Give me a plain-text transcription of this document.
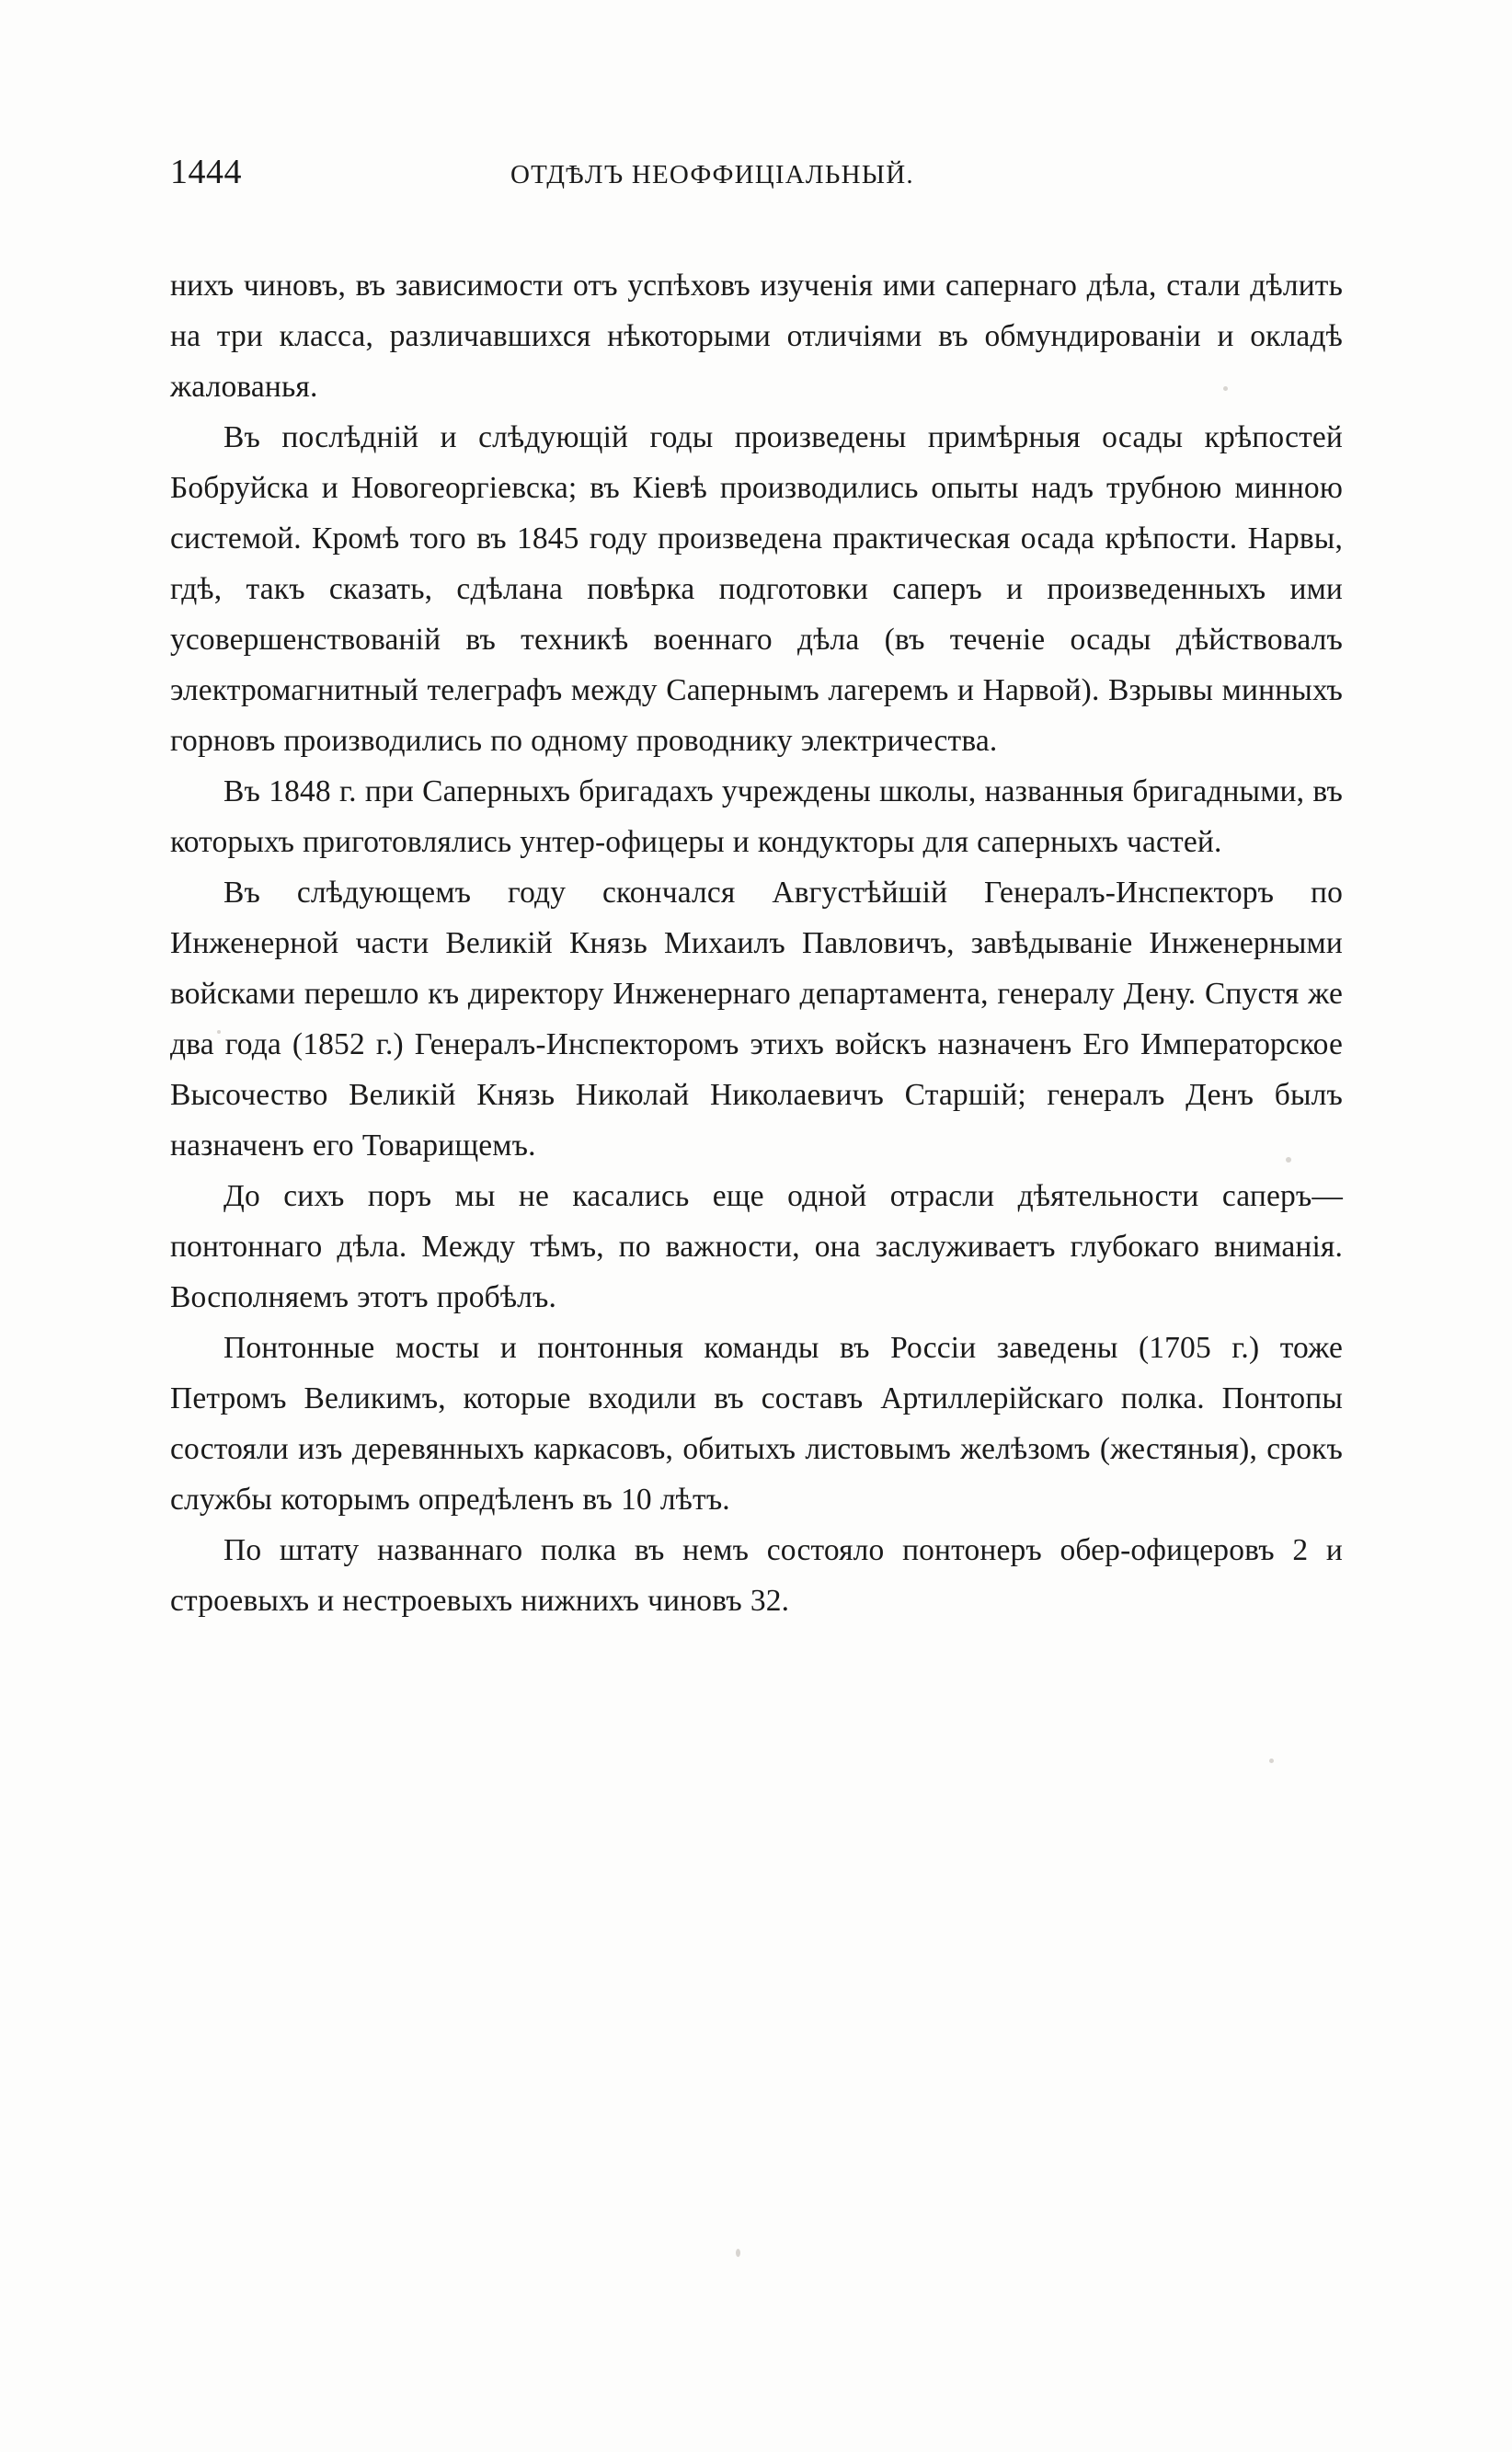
1444	ОТДѢЛЪ НЕОФФИЦІАЛЬНЫЙ.

нихъ чиновъ, въ зависимости отъ успѣховъ изученія ими сапернаго дѣла, стали дѣлить на три класса, различавшихся нѣкоторыми отличіями въ обмундированіи и окладѣ жалованья.

Въ послѣдній и слѣдующій годы произведены примѣрныя осады крѣпостей Бобруйска и Новогеоргіевска; въ Кіевѣ производились опыты надъ трубною минною системой. Кромѣ того въ 1845 году произведена практическая осада крѣпости. Нарвы, гдѣ, такъ сказать, сдѣлана повѣрка подготовки саперъ и произведенныхъ ими усовершенствованій въ техникѣ военнаго дѣла (въ теченіе осады дѣйствовалъ электромагнитный телеграфъ между Сапернымъ лагеремъ и Нарвой). Взрывы минныхъ горновъ производились по одному проводнику электричества.

Въ 1848 г. при Саперныхъ бригадахъ учреждены школы, названныя бригадными, въ которыхъ приготовлялись унтер-офицеры и кондукторы для саперныхъ частей.

Въ слѣдующемъ году скончался Августѣйшій Генералъ-Инспекторъ по Инженерной части Великій Князь Михаилъ Павловичъ, завѣдываніе Инженерными войсками перешло къ директору Инженернаго департамента, генералу Дену. Спустя же два года (1852 г.) Генералъ-Инспекторомъ этихъ войскъ назначенъ Его Императорское Высочество Великій Князь Николай Николаевичъ Старшій; генералъ Денъ былъ назначенъ его Товарищемъ.

До сихъ поръ мы не касались еще одной отрасли дѣятельности саперъ—понтоннаго дѣла. Между тѣмъ, по важности, она заслуживаетъ глубокаго вниманія. Восполняемъ этотъ пробѣлъ.

Понтонные мосты и понтонныя команды въ Россіи заведены (1705 г.) тоже Петромъ Великимъ, которые входили въ составъ Артиллерійскаго полка. Понтопы состояли изъ деревянныхъ каркасовъ, обитыхъ листовымъ желѣзомъ (жестяныя), срокъ службы которымъ опредѣленъ въ 10 лѣтъ.

По штату названнаго полка въ немъ состояло понтонеръ обер-офицеровъ 2 и строевыхъ и нестроевыхъ нижнихъ чиновъ 32.
